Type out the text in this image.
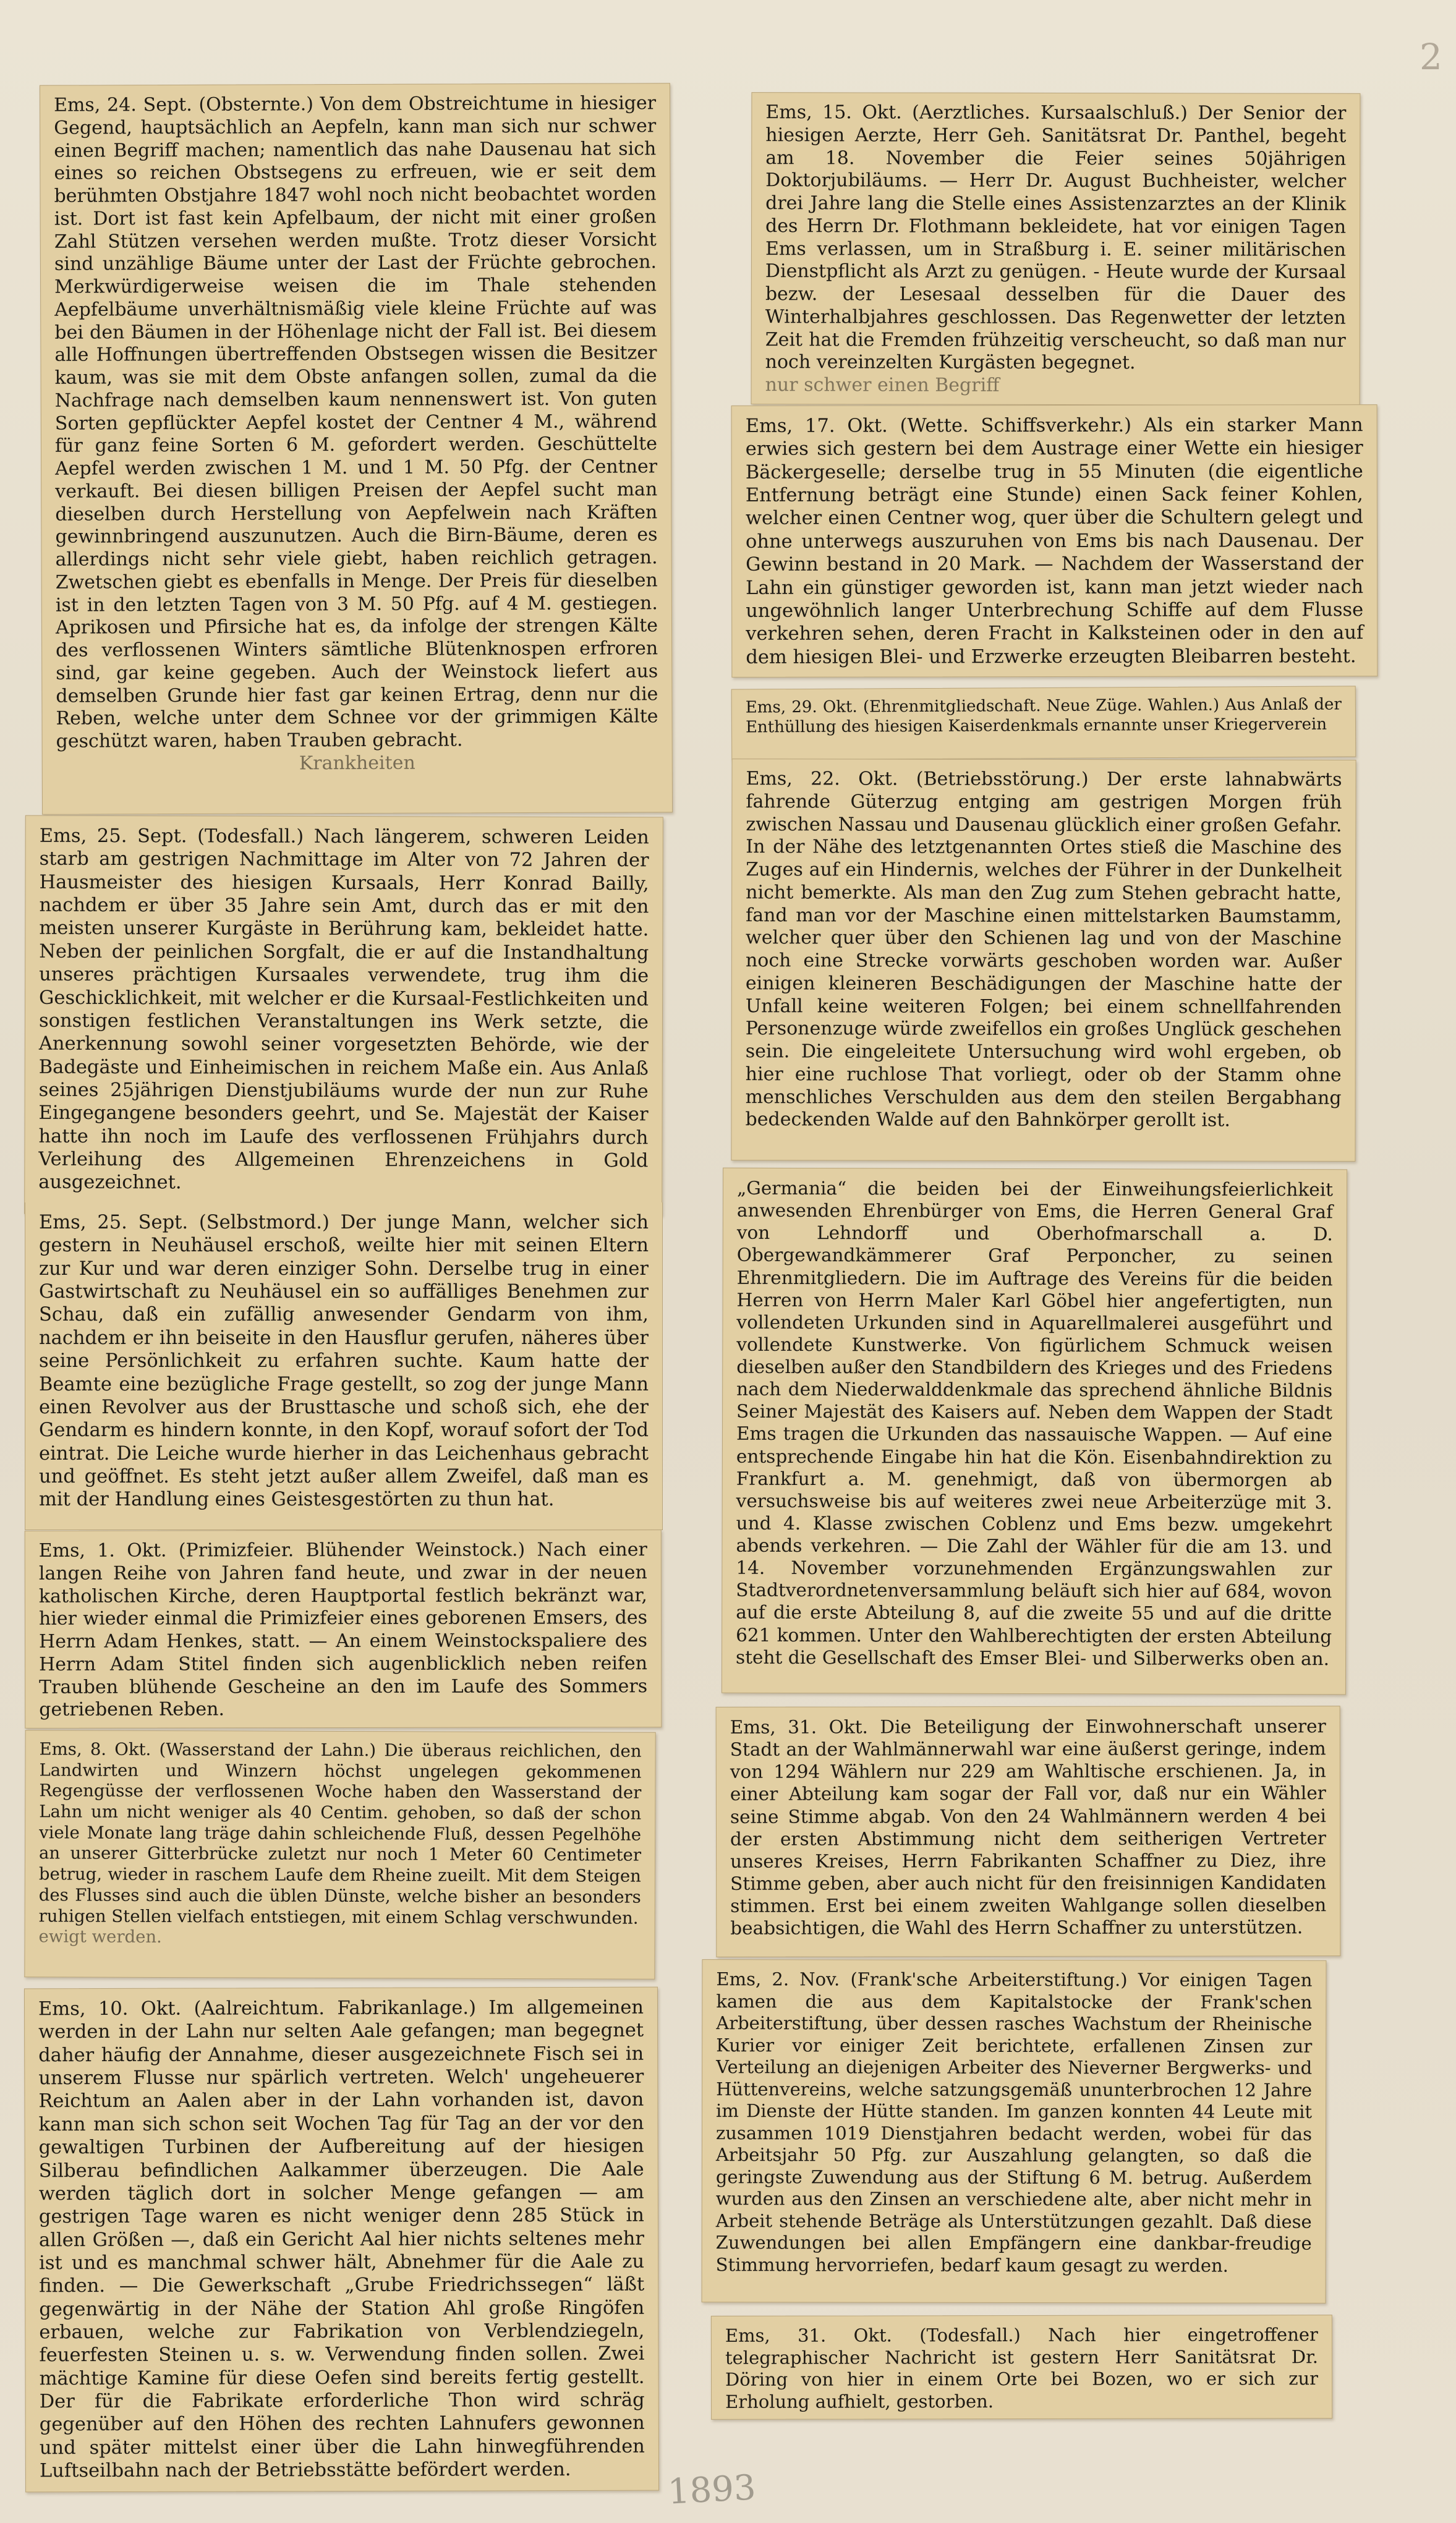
2

Ems, 24. Sept. (Obsternte.) Von dem Obstreichtume in hiesiger Gegend, hauptsächlich an Aepfeln, kann man sich nur schwer einen Begriff machen; namentlich das nahe Dausenau hat sich eines so reichen Obstsegens zu erfreuen, wie er seit dem berühmten Obstjahre 1847 wohl noch nicht beobachtet worden ist. Dort ist fast kein Apfelbaum, der nicht mit einer großen Zahl Stützen versehen werden mußte. Trotz dieser Vorsicht sind unzählige Bäume unter der Last der Früchte gebrochen. Merkwürdigerweise weisen die im Thale stehenden Aepfelbäume unverhältnismäßig viele kleine Früchte auf was bei den Bäumen in der Höhenlage nicht der Fall ist. Bei diesem alle Hoffnungen übertreffenden Obstsegen wissen die Besitzer kaum, was sie mit dem Obste anfangen sollen, zumal da die Nachfrage nach demselben kaum nennenswert ist. Von guten Sorten gepflückter Aepfel kostet der Centner 4 M., während für ganz feine Sorten 6 M. gefordert werden. Geschüttelte Aepfel werden zwischen 1 M. und 1 M. 50 Pfg. der Centner verkauft. Bei diesen billigen Preisen der Aepfel sucht man dieselben durch Herstellung von Aepfelwein nach Kräften gewinnbringend auszunutzen. Auch die Birn-Bäume, deren es allerdings nicht sehr viele giebt, haben reichlich getragen. Zwetschen giebt es ebenfalls in Menge. Der Preis für dieselben ist in den letzten Tagen von 3 M. 50 Pfg. auf 4 M. gestiegen. Aprikosen und Pfirsiche hat es, da infolge der strengen Kälte des verflossenen Winters sämtliche Blütenknospen erfroren sind, gar keine gegeben. Auch der Weinstock liefert aus demselben Grunde hier fast gar keinen Ertrag, denn nur die Reben, welche unter dem Schnee vor der grimmigen Kälte geschützt waren, haben Trauben gebracht.

Krankheiten

Ems, 25. Sept. (Todesfall.) Nach längerem, schweren Leiden starb am gestrigen Nachmittage im Alter von 72 Jahren der Hausmeister des hiesigen Kursaals, Herr Konrad Bailly, nachdem er über 35 Jahre sein Amt, durch das er mit den meisten unserer Kurgäste in Berührung kam, bekleidet hatte. Neben der peinlichen Sorgfalt, die er auf die Instandhaltung unseres prächtigen Kursaales verwendete, trug ihm die Geschicklichkeit, mit welcher er die Kursaal-Festlichkeiten und sonstigen festlichen Veranstaltungen ins Werk setzte, die Anerkennung sowohl seiner vorgesetzten Behörde, wie der Badegäste und Einheimischen in reichem Maße ein. Aus Anlaß seines 25jährigen Dienstjubiläums wurde der nun zur Ruhe Eingegangene besonders geehrt, und Se. Majestät der Kaiser hatte ihn noch im Laufe des verflossenen Frühjahrs durch Verleihung des Allgemeinen Ehrenzeichens in Gold ausgezeichnet.

Ems, 25. Sept. (Selbstmord.) Der junge Mann, welcher sich gestern in Neuhäusel erschoß, weilte hier mit seinen Eltern zur Kur und war deren einziger Sohn. Derselbe trug in einer Gastwirtschaft zu Neuhäusel ein so auffälliges Benehmen zur Schau, daß ein zufällig anwesender Gendarm von ihm, nachdem er ihn beiseite in den Hausflur gerufen, näheres über seine Persönlichkeit zu erfahren suchte. Kaum hatte der Beamte eine bezügliche Frage gestellt, so zog der junge Mann einen Revolver aus der Brusttasche und schoß sich, ehe der Gendarm es hindern konnte, in den Kopf, worauf sofort der Tod eintrat. Die Leiche wurde hierher in das Leichenhaus gebracht und geöffnet. Es steht jetzt außer allem Zweifel, daß man es mit der Handlung eines Geistesgestörten zu thun hat.

Ems, 1. Okt. (Primizfeier. Blühender Weinstock.) Nach einer langen Reihe von Jahren fand heute, und zwar in der neuen katholischen Kirche, deren Hauptportal festlich bekränzt war, hier wieder einmal die Primizfeier eines geborenen Emsers, des Herrn Adam Henkes, statt. — An einem Weinstockspaliere des Herrn Adam Stitel finden sich augenblicklich neben reifen Trauben blühende Gescheine an den im Laufe des Sommers getriebenen Reben.

Ems, 8. Okt. (Wasserstand der Lahn.) Die überaus reichlichen, den Landwirten und Winzern höchst ungelegen gekommenen Regengüsse der verflossenen Woche haben den Wasserstand der Lahn um nicht weniger als 40 Centim. gehoben, so daß der schon viele Monate lang träge dahin schleichende Fluß, dessen Pegelhöhe an unserer Gitterbrücke zuletzt nur noch 1 Meter 60 Centimeter betrug, wieder in raschem Laufe dem Rheine zueilt. Mit dem Steigen des Flusses sind auch die üblen Dünste, welche bisher an besonders ruhigen Stellen vielfach entstiegen, mit einem Schlag verschwunden.

ewigt werden.

Ems, 10. Okt. (Aalreichtum. Fabrikanlage.) Im allgemeinen werden in der Lahn nur selten Aale gefangen; man begegnet daher häufig der Annahme, dieser ausgezeichnete Fisch sei in unserem Flusse nur spärlich vertreten. Welch' ungeheuerer Reichtum an Aalen aber in der Lahn vorhanden ist, davon kann man sich schon seit Wochen Tag für Tag an der vor den gewaltigen Turbinen der Aufbereitung auf der hiesigen Silberau befindlichen Aalkammer überzeugen. Die Aale werden täglich dort in solcher Menge gefangen — am gestrigen Tage waren es nicht weniger denn 285 Stück in allen Größen —, daß ein Gericht Aal hier nichts seltenes mehr ist und es manchmal schwer hält, Abnehmer für die Aale zu finden. — Die Gewerkschaft „Grube Friedrichssegen“ läßt gegenwärtig in der Nähe der Station Ahl große Ringöfen erbauen, welche zur Fabrikation von Verblendziegeln, feuerfesten Steinen u. s. w. Verwendung finden sollen. Zwei mächtige Kamine für diese Oefen sind bereits fertig gestellt. Der für die Fabrikate erforderliche Thon wird schräg gegenüber auf den Höhen des rechten Lahnufers gewonnen und später mittelst einer über die Lahn hinwegführenden Luftseilbahn nach der Betriebsstätte befördert werden.

Ems, 15. Okt. (Aerztliches. Kursaalschluß.) Der Senior der hiesigen Aerzte, Herr Geh. Sanitätsrat Dr. Panthel, begeht am 18. November die Feier seines 50jährigen Doktorjubiläums. — Herr Dr. August Buchheister, welcher drei Jahre lang die Stelle eines Assistenzarztes an der Klinik des Herrn Dr. Flothmann bekleidete, hat vor einigen Tagen Ems verlassen, um in Straßburg i. E. seiner militärischen Dienstpflicht als Arzt zu genügen. - Heute wurde der Kursaal bezw. der Lesesaal desselben für die Dauer des Winterhalbjahres geschlossen. Das Regenwetter der letzten Zeit hat die Fremden frühzeitig verscheucht, so daß man nur noch vereinzelten Kurgästen begegnet.

nur schwer einen Begriff

Ems, 17. Okt. (Wette. Schiffsverkehr.) Als ein starker Mann erwies sich gestern bei dem Austrage einer Wette ein hiesiger Bäckergeselle; derselbe trug in 55 Minuten (die eigentliche Entfernung beträgt eine Stunde) einen Sack feiner Kohlen, welcher einen Centner wog, quer über die Schultern gelegt und ohne unterwegs auszuruhen von Ems bis nach Dausenau. Der Gewinn bestand in 20 Mark. — Nachdem der Wasserstand der Lahn ein günstiger geworden ist, kann man jetzt wieder nach ungewöhnlich langer Unterbrechung Schiffe auf dem Flusse verkehren sehen, deren Fracht in Kalksteinen oder in den auf dem hiesigen Blei- und Erzwerke erzeugten Bleibarren besteht.

Ems, 29. Okt. (Ehrenmitgliedschaft. Neue Züge. Wahlen.) Aus Anlaß der Enthüllung des hiesigen Kaiserdenkmals ernannte unser Kriegerverein

Ems, 22. Okt. (Betriebsstörung.) Der erste lahnabwärts fahrende Güterzug entging am gestrigen Morgen früh zwischen Nassau und Dausenau glücklich einer großen Gefahr. In der Nähe des letztgenannten Ortes stieß die Maschine des Zuges auf ein Hindernis, welches der Führer in der Dunkelheit nicht bemerkte. Als man den Zug zum Stehen gebracht hatte, fand man vor der Maschine einen mittelstarken Baumstamm, welcher quer über den Schienen lag und von der Maschine noch eine Strecke vorwärts geschoben worden war. Außer einigen kleineren Beschädigungen der Maschine hatte der Unfall keine weiteren Folgen; bei einem schnellfahrenden Personenzuge würde zweifellos ein großes Unglück geschehen sein. Die eingeleitete Untersuchung wird wohl ergeben, ob hier eine ruchlose That vorliegt, oder ob der Stamm ohne menschliches Verschulden aus dem den steilen Bergabhang bedeckenden Walde auf den Bahnkörper gerollt ist.

„Germania“ die beiden bei der Einweihungsfeierlichkeit anwesenden Ehrenbürger von Ems, die Herren General Graf von Lehndorff und Oberhofmarschall a. D. Obergewandkämmerer Graf Perponcher, zu seinen Ehrenmitgliedern. Die im Auftrage des Vereins für die beiden Herren von Herrn Maler Karl Göbel hier angefertigten, nun vollendeten Urkunden sind in Aquarellmalerei ausgeführt und vollendete Kunstwerke. Von figürlichem Schmuck weisen dieselben außer den Standbildern des Krieges und des Friedens nach dem Niederwalddenkmale das sprechend ähnliche Bildnis Seiner Majestät des Kaisers auf. Neben dem Wappen der Stadt Ems tragen die Urkunden das nassauische Wappen. — Auf eine entsprechende Eingabe hin hat die Kön. Eisenbahndirektion zu Frankfurt a. M. genehmigt, daß von übermorgen ab versuchsweise bis auf weiteres zwei neue Arbeiterzüge mit 3. und 4. Klasse zwischen Coblenz und Ems bezw. umgekehrt abends verkehren. — Die Zahl der Wähler für die am 13. und 14. November vorzunehmenden Ergänzungswahlen zur Stadtverordnetenversammlung beläuft sich hier auf 684, wovon auf die erste Abteilung 8, auf die zweite 55 und auf die dritte 621 kommen. Unter den Wahlberechtigten der ersten Abteilung steht die Gesellschaft des Emser Blei- und Silberwerks oben an.

Ems, 31. Okt. Die Beteiligung der Einwohnerschaft unserer Stadt an der Wahlmännerwahl war eine äußerst geringe, indem von 1294 Wählern nur 229 am Wahltische erschienen. Ja, in einer Abteilung kam sogar der Fall vor, daß nur ein Wähler seine Stimme abgab. Von den 24 Wahlmännern werden 4 bei der ersten Abstimmung nicht dem seitherigen Vertreter unseres Kreises, Herrn Fabrikanten Schaffner zu Diez, ihre Stimme geben, aber auch nicht für den freisinnigen Kandidaten stimmen. Erst bei einem zweiten Wahlgange sollen dieselben beabsichtigen, die Wahl des Herrn Schaffner zu unterstützen.

Ems, 2. Nov. (Frank'sche Arbeiterstiftung.) Vor einigen Tagen kamen die aus dem Kapitalstocke der Frank'schen Arbeiterstiftung, über dessen rasches Wachstum der Rheinische Kurier vor einiger Zeit berichtete, erfallenen Zinsen zur Verteilung an diejenigen Arbeiter des Nieverner Bergwerks- und Hüttenvereins, welche satzungsgemäß ununterbrochen 12 Jahre im Dienste der Hütte standen. Im ganzen konnten 44 Leute mit zusammen 1019 Dienstjahren bedacht werden, wobei für das Arbeitsjahr 50 Pfg. zur Auszahlung gelangten, so daß die geringste Zuwendung aus der Stiftung 6 M. betrug. Außerdem wurden aus den Zinsen an verschiedene alte, aber nicht mehr in Arbeit stehende Beträge als Unterstützungen gezahlt. Daß diese Zuwendungen bei allen Empfängern eine dankbar-freudige Stimmung hervorriefen, bedarf kaum gesagt zu werden.

Ems, 31. Okt. (Todesfall.) Nach hier eingetroffener telegraphischer Nachricht ist gestern Herr Sanitätsrat Dr. Döring von hier in einem Orte bei Bozen, wo er sich zur Erholung aufhielt, gestorben.

1893
